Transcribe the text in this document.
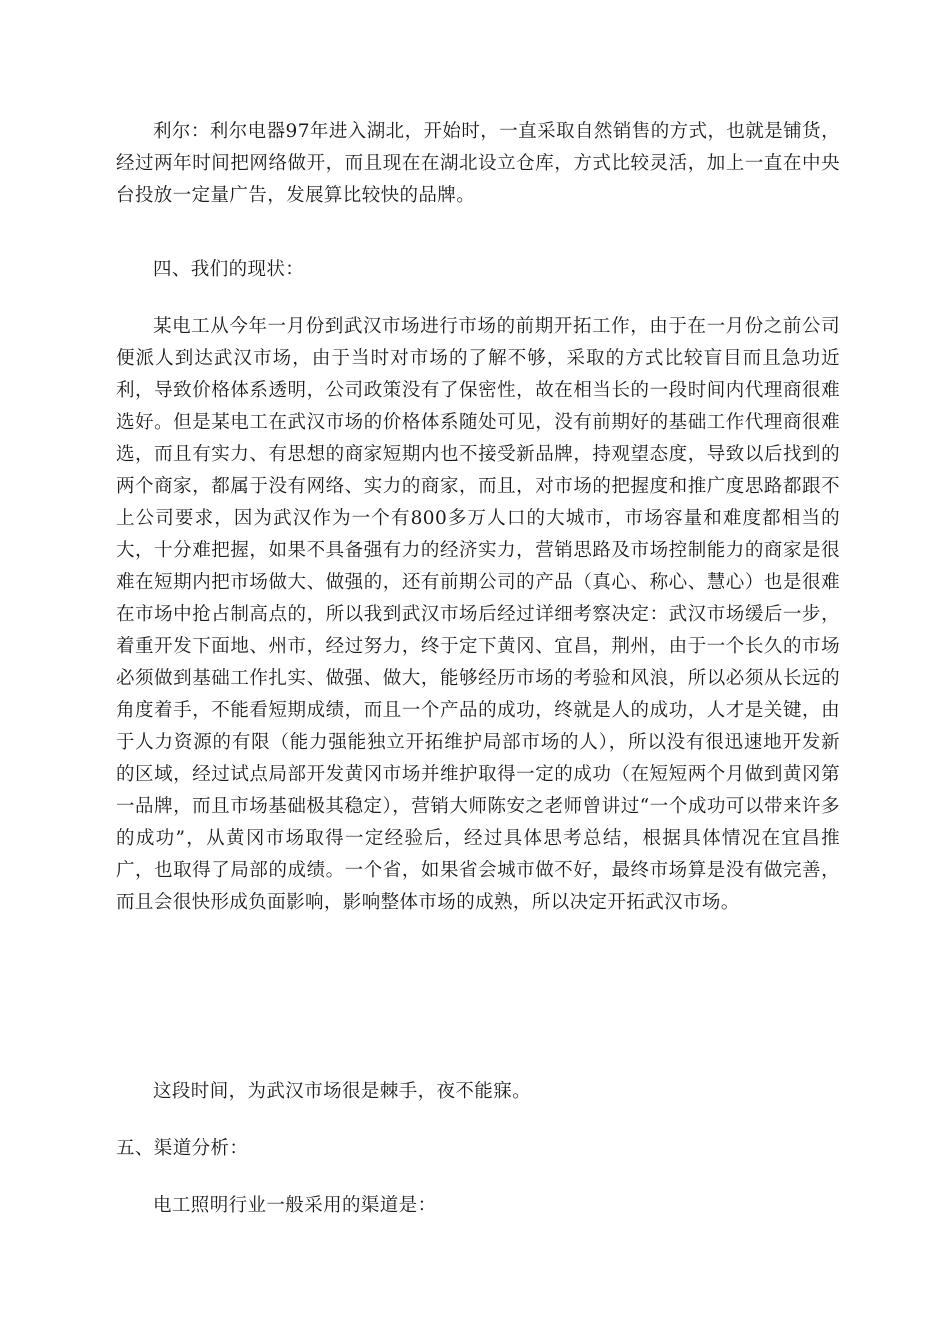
利尔：利尔电器97年进入湖北，开始时，一直采取自然销售的方式，也就是铺货，经过两年时间把网络做开，而且现在在湖北设立仓库，方式比较灵活，加上一直在中央台投放一定量广告，发展算比较快的品牌。

四、我们的现状：

某电工从今年一月份到武汉市场进行市场的前期开拓工作，由于在一月份之前公司便派人到达武汉市场，由于当时对市场的了解不够，采取的方式比较盲目而且急功近利，导致价格体系透明，公司政策没有了保密性，故在相当长的一段时间内代理商很难选好。但是某电工在武汉市场的价格体系随处可见，没有前期好的基础工作代理商很难选，而且有实力、有思想的商家短期内也不接受新品牌，持观望态度，导致以后找到的两个商家，都属于没有网络、实力的商家，而且，对市场的把握度和推广度思路都跟不上公司要求，因为武汉作为一个有800多万人口的大城市，市场容量和难度都相当的大，十分难把握，如果不具备强有力的经济实力，营销思路及市场控制能力的商家是很难在短期内把市场做大、做强的，还有前期公司的产品（真心、称心、慧心）也是很难在市场中抢占制高点的，所以我到武汉市场后经过详细考察决定：武汉市场缓后一步，着重开发下面地、州市，经过努力，终于定下黄冈、宜昌，荆州，由于一个长久的市场必须做到基础工作扎实、做强、做大，能够经历市场的考验和风浪，所以必须从长远的角度着手，不能看短期成绩，而且一个产品的成功，终就是人的成功，人才是关键，由于人力资源的有限（能力强能独立开拓维护局部市场的人），所以没有很迅速地开发新的区域，经过试点局部开发黄冈市场并维护取得一定的成功（在短短两个月做到黄冈第一品牌，而且市场基础极其稳定），营销大师陈安之老师曾讲过“一个成功可以带来许多的成功”，从黄冈市场取得一定经验后，经过具体思考总结，根据具体情况在宜昌推广，也取得了局部的成绩。一个省，如果省会城市做不好，最终市场算是没有做完善，而且会很快形成负面影响，影响整体市场的成熟，所以决定开拓武汉市场。

这段时间，为武汉市场很是棘手，夜不能寐。

五、渠道分析：

电工照明行业一般采用的渠道是：
